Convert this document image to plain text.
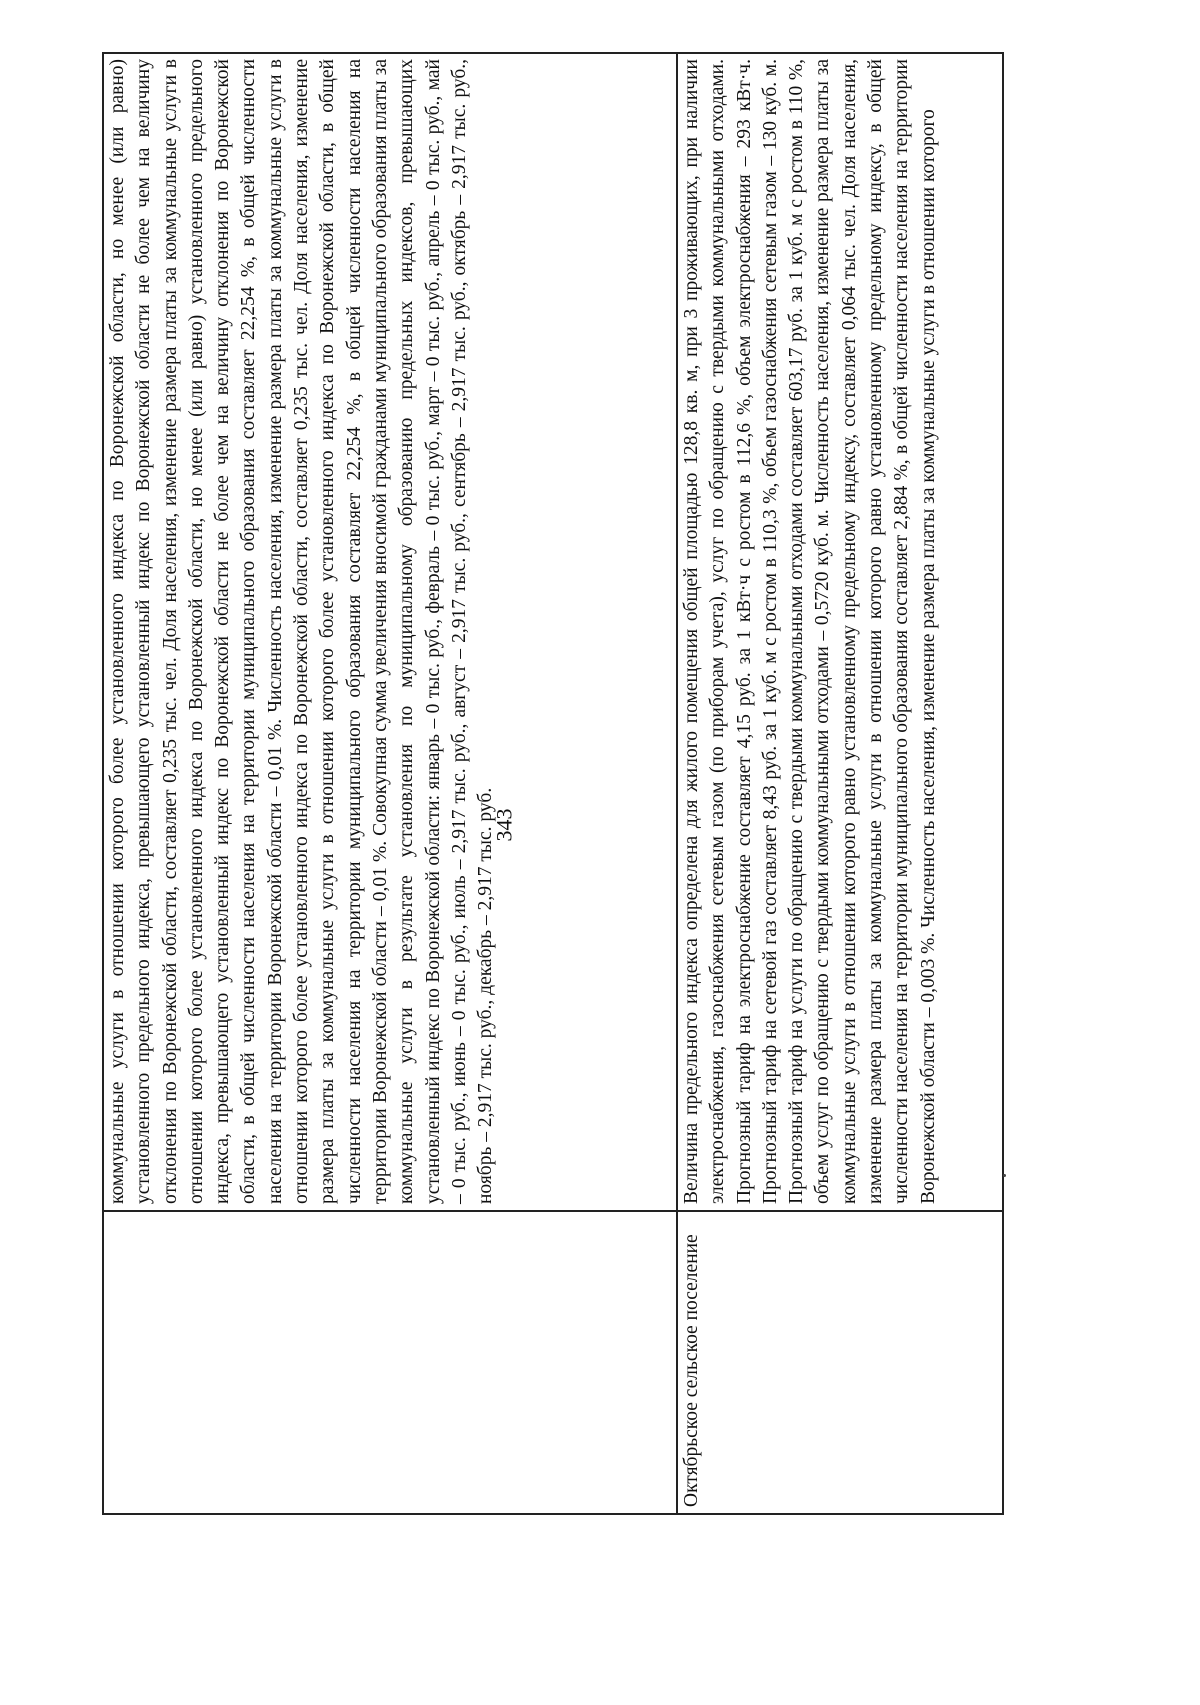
343
	коммунальные услуги в отношении которого более установленного индекса по Воронежской области, но менее (или равно) установленного предельного индекса, превышающего установленный индекс по Воронежской области не более чем на величину отклонения по Воронежской области, составляет 0,235 тыс. чел. Доля населения, изменение размера платы за коммунальные услуги в отношении которого более установленного индекса по Воронежской области, но менее (или равно) установленного предельного индекса, превышающего установленный индекс по Воронежской области не более чем на величину отклонения по Воронежской области, в общей численности населения на территории муниципального образования составляет 22,254 %, в общей численности населения на территории Воронежской области – 0,01 %. Численность населения, изменение размера платы за коммунальные услуги в отношении которого более установленного индекса по Воронежской области, составляет 0,235 тыс. чел. Доля населения, изменение размера платы за коммунальные услуги в отношении которого более установленного индекса по Воронежской области, в общей численности населения на территории муниципального образования составляет 22,254 %, в общей численности населения на территории Воронежской области – 0,01 %. Совокупная сумма увеличения вносимой гражданами муниципального образования платы за коммунальные услуги в результате установления по муниципальному образованию предельных индексов, превышающих установленный индекс по Воронежской области: январь – 0 тыс. руб., февраль – 0 тыс. руб., март – 0 тыс. руб., апрель – 0 тыс. руб., май – 0 тыс. руб., июнь – 0 тыс. руб., июль – 2,917 тыс. руб., август – 2,917 тыс. руб., сентябрь – 2,917 тыс. руб., октябрь – 2,917 тыс. руб., ноябрь – 2,917 тыс. руб., декабрь – 2,917 тыс. руб.
Октябрьское сельское поселение	Величина предельного индекса определена для жилого помещения общей площадью 128,8 кв. м, при 3 проживающих, при наличии электроснабжения, газоснабжения сетевым газом (по приборам учета), услуг по обращению с твердыми коммунальными отходами. Прогнозный тариф на электроснабжение составляет 4,15 руб. за 1 кВт·ч с ростом в 112,6 %, объем электроснабжения – 293 кВт·ч. Прогнозный тариф на сетевой газ составляет 8,43 руб. за 1 куб. м с ростом в 110,3 %, объем газоснабжения сетевым газом – 130 куб. м. Прогнозный тариф на услуги по обращению с твердыми коммунальными отходами составляет 603,17 руб. за 1 куб. м с ростом в 110 %, объем услуг по обращению с твердыми коммунальными отходами – 0,5720 куб. м. Численность населения, изменение размера платы за коммунальные услуги в отношении которого равно установленному предельному индексу, составляет 0,064 тыс. чел. Доля населения, изменение размера платы за коммунальные услуги в отношении которого равно установленному предельному индексу, в общей численности населения на территории муниципального образования составляет 2,884 %, в общей численности населения на территории Воронежской области – 0,003 %. Численность населения, изменение размера платы за коммунальные услуги в отношении которого
